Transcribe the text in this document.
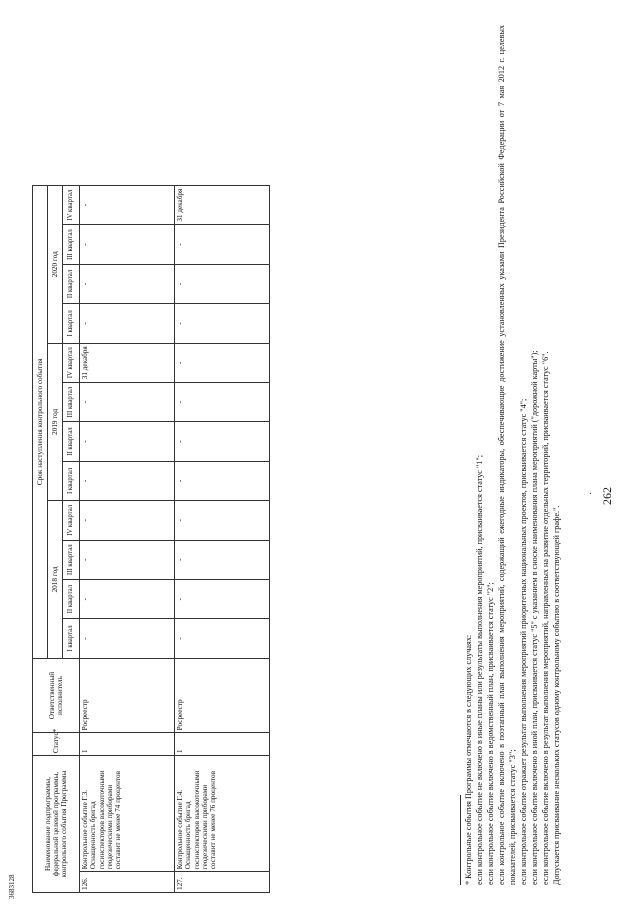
262
·
Наименование подпрограммы, федеральной целевой программы, контрольного события Программы		Статус*	Ответственный исполнитель	Срок наступления контрольного события												
				2018 год				2019 год				2020 год				
				I квартал	II квартал	III квартал	IV квартал	I квартал	II квартал	III квартал	IV квартал	I квартал	II квартал	III квартал	IV квартал	
126.	Контрольное событие Г.3. Оснащенность бригад госинспекторов высокоточными геодезическими приборами составит не менее 74 процентов	1	Росреестр	-	-	-	-	-	-	-	31 декабря	-	-	-	-	
127.	Контрольное событие Г.4. Оснащенность бригад госинспекторов высокоточными геодезическими приборами составит не менее 76 процентов	1	Росреестр	-	-	-	-	-	-	-	-	-	-	-	31 декабря	

* Контрольные события Программы отмечаются в следующих случаях: если контрольное событие не включено в иные планы или результаты выполнения мероприятий, присваивается статус "1"; если контрольное событие включено в ведомственный план, присваивается статус "2"; если контрольное событие включено в поэтапный план выполнения мероприятий, содержащий ежегодные индикаторы, обеспечивающие достижение установленных указами Президента Российской Федерации от 7 мая 2012 г. целевых показателей, присваивается статус "3"; если контрольное событие отражает результат выполнения мероприятий приоритетных национальных проектов, присваивается статус "4"; если контрольное событие включено в иной план, присваивается статус "5" с указанием в сноске наименования плана мероприятий ("дорожной карты"); если контрольное событие включено в результат выполнения мероприятий, направленных на развитие отдельных территорий, присваивается статус "6". Допускается присваивание нескольких статусов одному контрольному событию в соответствующей графе.".

3683128
